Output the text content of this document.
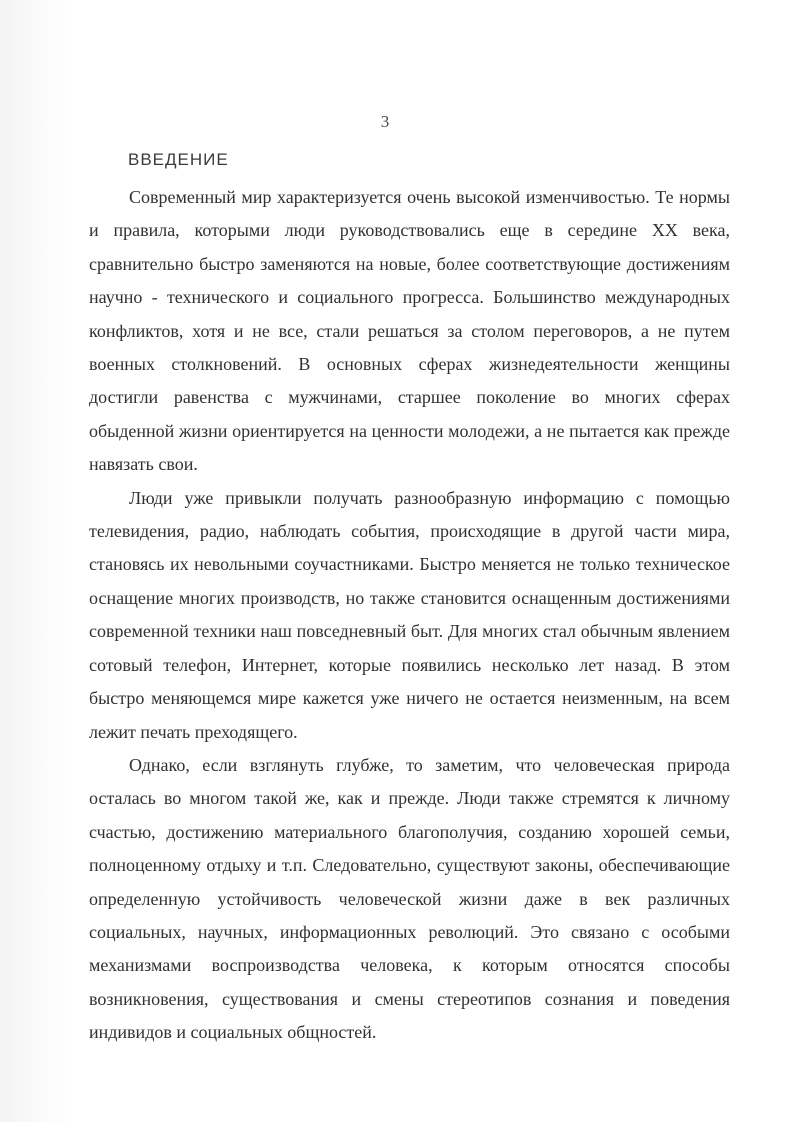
3
ВВЕДЕНИЕ

Современный мир характеризуется очень высокой изменчивостью. Те нормы и правила, которыми люди руководствовались еще в середине XX века, сравнительно быстро заменяются на новые, более соответствующие достижениям научно - технического и социального прогресса. Большинство международных конфликтов, хотя и не все, стали решаться за столом переговоров, а не путем военных столкновений. В основных сферах жизнедеятельности женщины достигли равенства с мужчинами, старшее поколение во многих сферах обыденной жизни ориентируется на ценности молодежи, а не пытается как прежде навязать свои.

Люди уже привыкли получать разнообразную информацию с помощью телевидения, радио, наблюдать события, происходящие в другой части мира, становясь их невольными соучастниками. Быстро меняется не только техническое оснащение многих производств, но также становится оснащенным достижениями современной техники наш повседневный быт. Для многих стал обычным явлением сотовый телефон, Интернет, которые появились несколько лет назад. В этом быстро меняющемся мире кажется уже ничего не остается неизменным, на всем лежит печать преходящего.

Однако, если взглянуть глубже, то заметим, что человеческая природа осталась во многом такой же, как и прежде. Люди также стремятся к личному счастью, достижению материального благополучия, созданию хорошей семьи, полноценному отдыху и т.п. Следовательно, существуют законы, обеспечивающие определенную устойчивость человеческой жизни даже в век различных социальных, научных, информационных революций. Это связано с особыми механизмами воспроизводства человека, к которым относятся способы возникновения, существования и смены стереотипов сознания и поведения индивидов и социальных общностей.
